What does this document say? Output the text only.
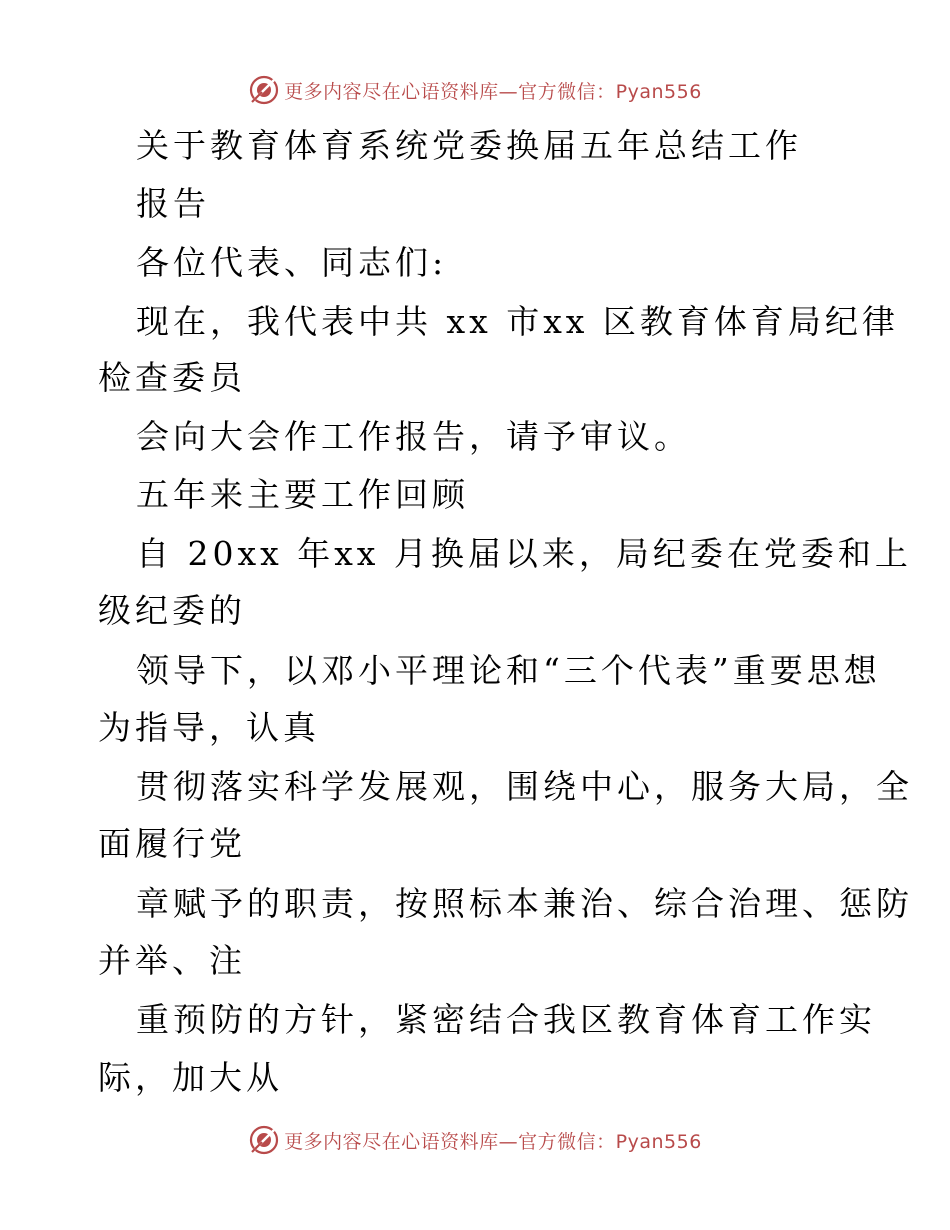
更多内容尽在心语资料库—官方微信：Pyan556
关于教育体育系统党委换届五年总结工作
报告
各位代表、同志们:
现在，我代表中共 xx 市xx 区教育体育局纪律
检查委员
会向大会作工作报告，请予审议。
五年来主要工作回顾
自 20xx 年xx 月换届以来，局纪委在党委和上
级纪委的
领导下，以邓小平理论和“三个代表”重要思想
为指导，认真
贯彻落实科学发展观，围绕中心，服务大局，全
面履行党
章赋予的职责，按照标本兼治、综合治理、惩防
并举、注
重预防的方针，紧密结合我区教育体育工作实
际，加大从
更多内容尽在心语资料库—官方微信：Pyan556
